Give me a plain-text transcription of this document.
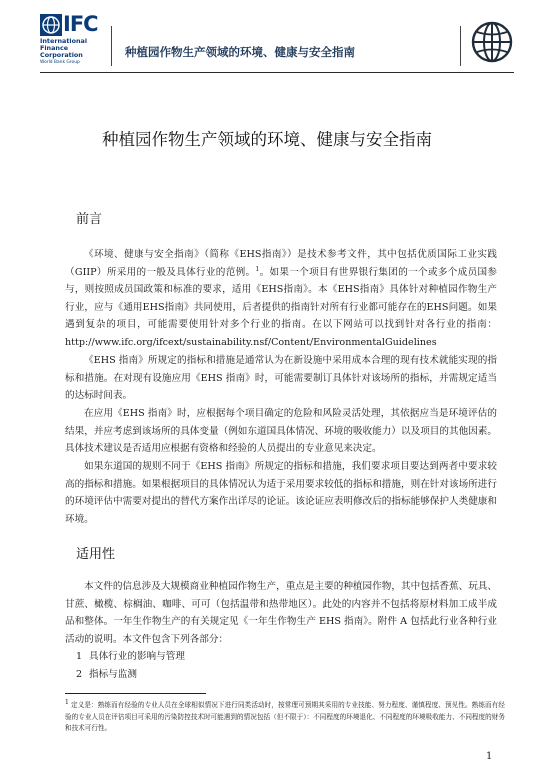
IFC
International
Finance
Corporation
World Bank Group
种植园作物生产领域的环境、健康与安全指南
种植园作物生产领域的环境、健康与安全指南
前言

《环境、健康与安全指南》（简称《EHS指南》）是技术参考文件，其中包括优质国际工业实践（GIIP）所采用的一般及具体行业的范例。$^1$。如果一个项目有世界银行集团的一个或多个成员国参与，则按照成员国政策和标准的要求，适用《EHS指南》。本《EHS指南》具体针对种植园作物生产行业，应与《通用EHS指南》共同使用，后者提供的指南针对所有行业都可能存在的EHS问题。如果遇到复杂的项目，可能需要使用针对多个行业的指南。在以下网站可以找到针对各行业的指南：http://www.ifc.org/ifcext/sustainability.nsf/Content/EnvironmentalGuidelines

《EHS 指南》所规定的指标和措施是通常认为在新设施中采用成本合理的现有技术就能实现的指标和措施。在对现有设施应用《EHS 指南》时，可能需要制订具体针对该场所的指标，并需规定适当的达标时间表。

在应用《EHS 指南》时，应根据每个项目确定的危险和风险灵活处理，其依据应当是环境评估的结果，并应考虑到该场所的具体变量（例如东道国具体情况、环境的吸收能力）以及项目的其他因素。具体技术建议是否适用应根据有资格和经验的人员提出的专业意见来决定。

如果东道国的规则不同于《EHS 指南》所规定的指标和措施，我们要求项目要达到两者中要求较高的指标和措施。如果根据项目的具体情况认为适于采用要求较低的指标和措施，则在针对该场所进行的环境评估中需要对提出的替代方案作出详尽的论证。该论证应表明修改后的指标能够保护人类健康和环境。

适用性

本文件的信息涉及大规模商业种植园作物生产，重点是主要的种植园作物，其中包括香蕉、玩具、甘蔗、橄榄、棕榈油、咖啡、可可（包括温带和热带地区）。此处的内容并不包括将原材料加工成半成品和整体。一年生作物生产的有关规定见《一年生作物生产 EHS 指南》。附件 A 包括此行业各种行业活动的说明。本文件包含下列各部分：

1 具体行业的影响与管理
2 指标与监测

1 定义是：熟练而有经验的专业人员在全球相似情况下进行同类活动时，按常理可预期其采用的专业技能、努力程度、谨慎程度、预见性。熟练而有经验的专业人员在评估项目可采用的污染防控技术时可能遇到的情况包括（但不限于）：不同程度的环境退化、不同程度的环境吸收能力、不同程度的财务和技术可行性。

1
